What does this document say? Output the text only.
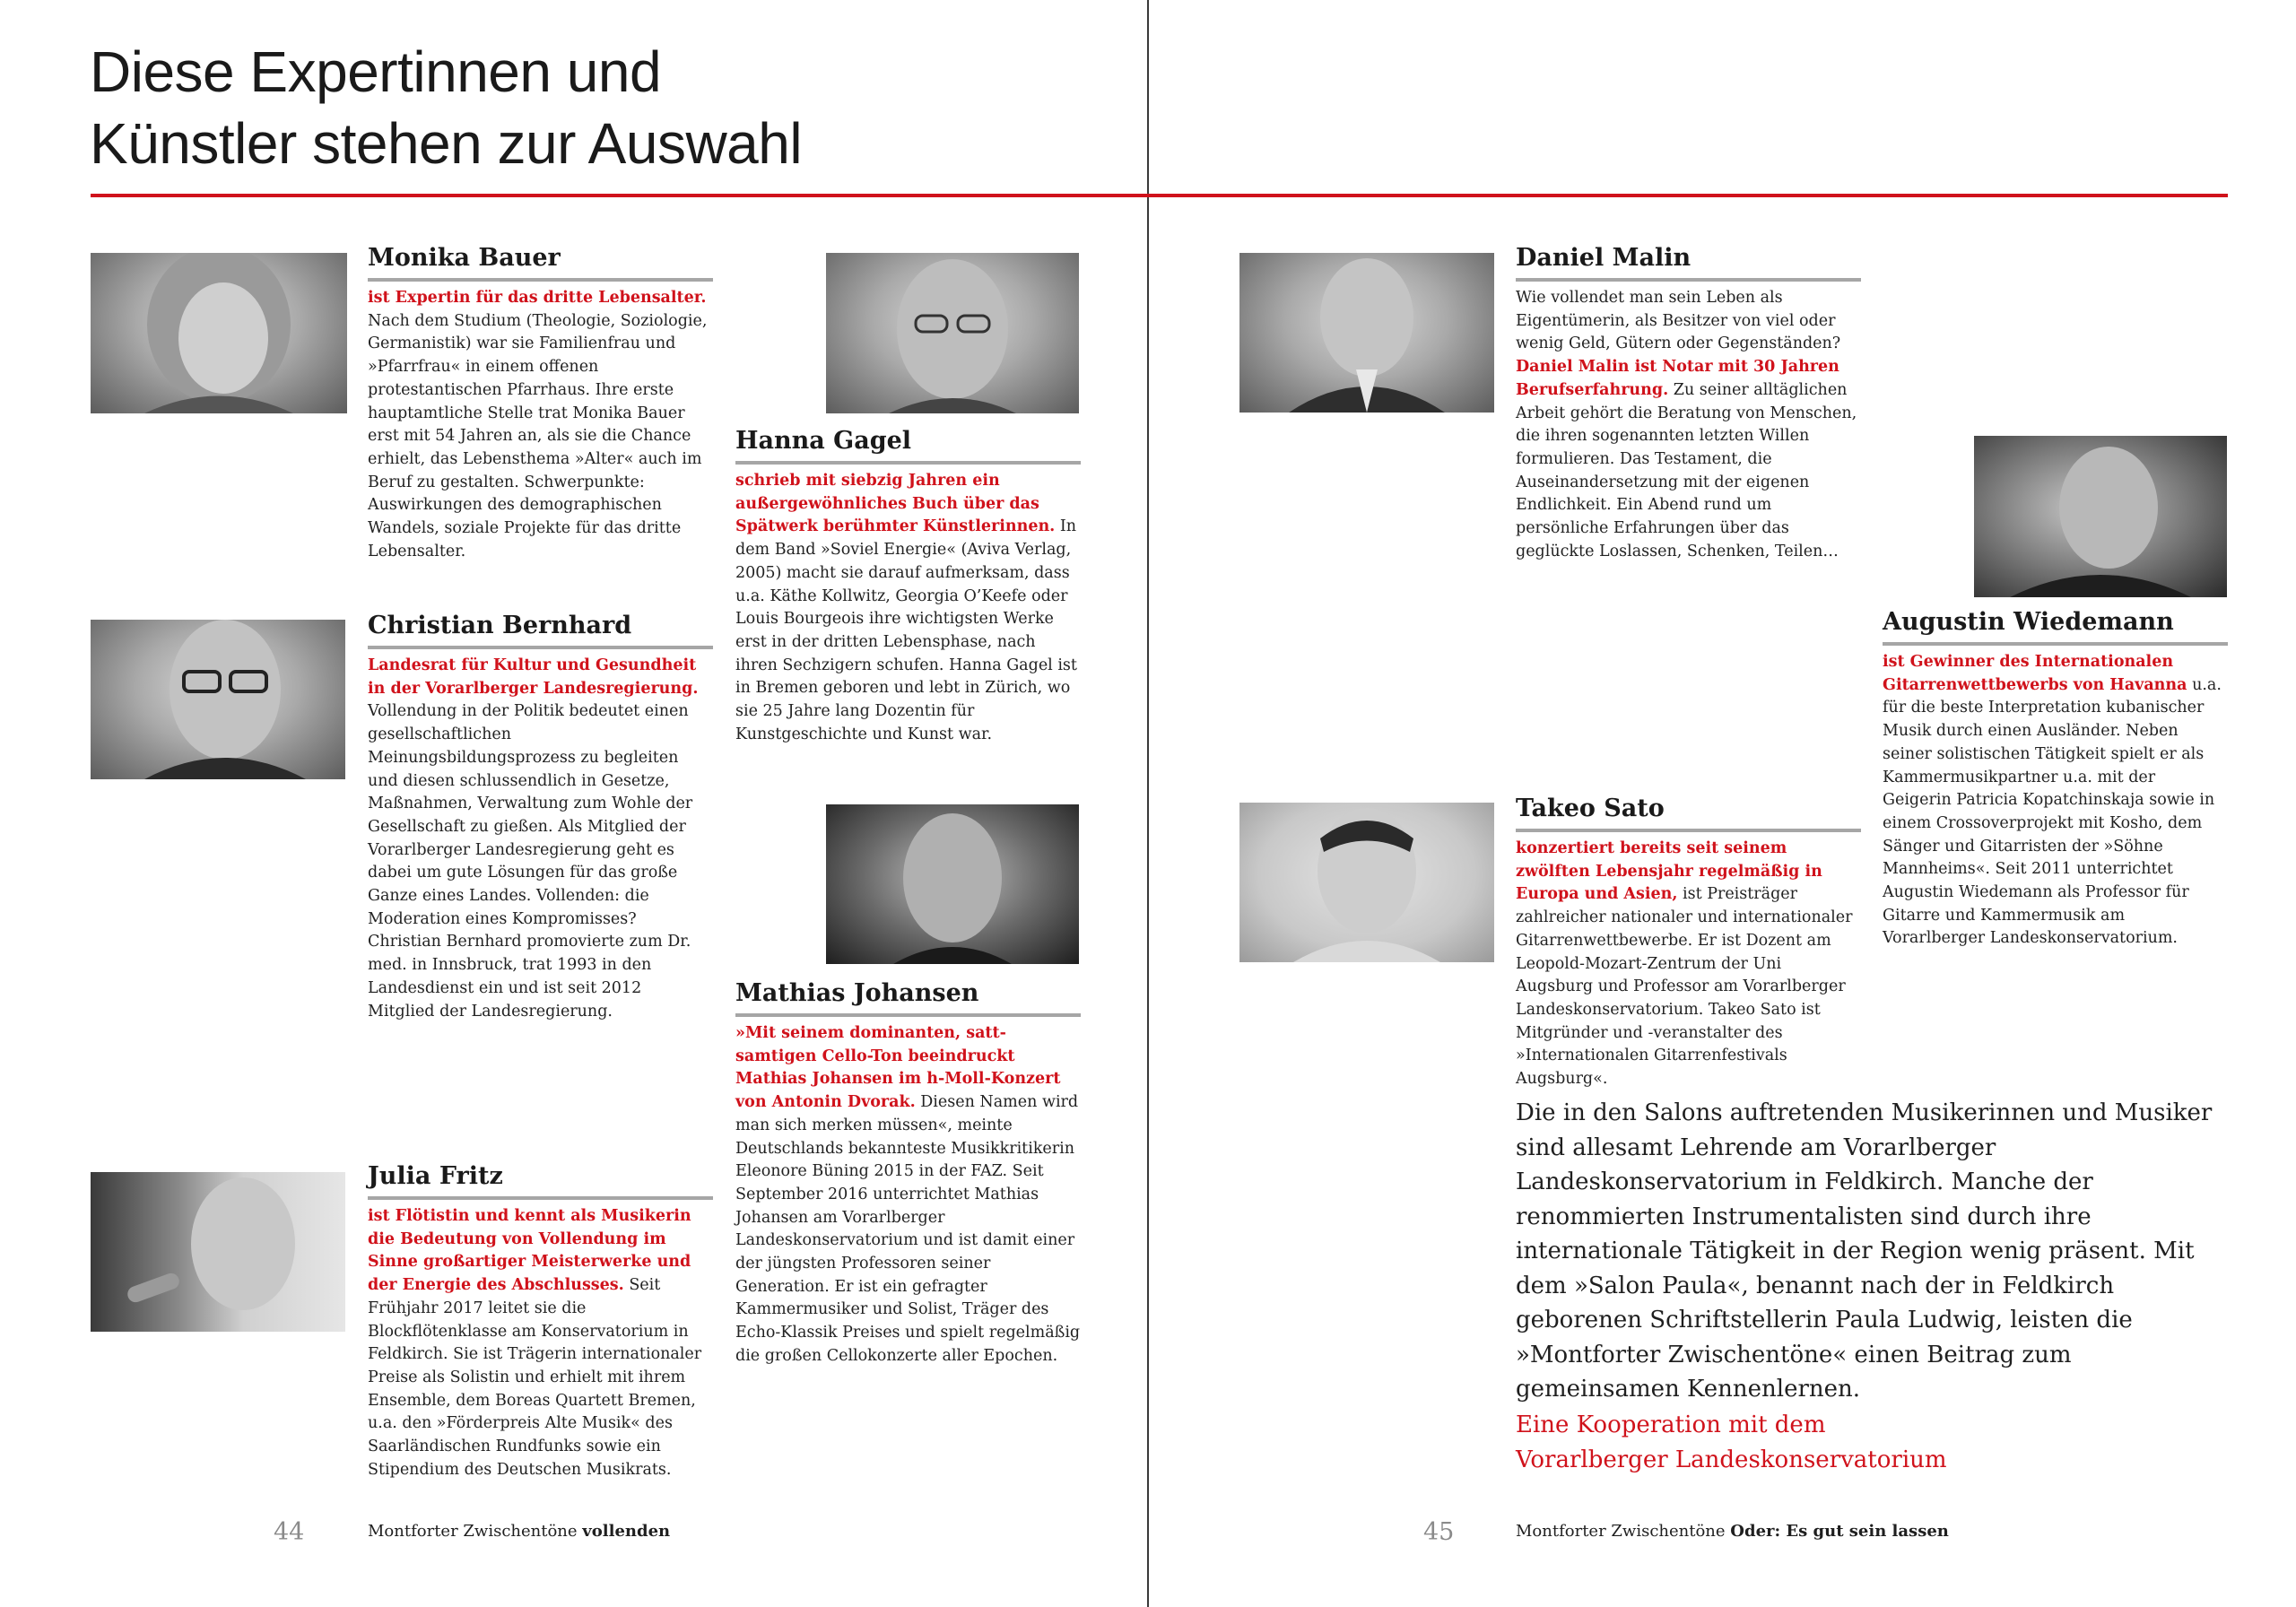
Diese Expertinnen und
Künstler stehen zur Auswahl
Monika Bauer

ist Expertin für das dritte Lebensalter. Nach dem Studium (Theologie, Soziologie, Germanistik) war sie Familienfrau und »Pfarrfrau« in einem offenen protestantischen Pfarrhaus. Ihre erste hauptamtliche Stelle trat Monika Bauer erst mit 54 Jahren an, als sie die Chance erhielt, das Lebensthema »Alter« auch im Beruf zu gestalten. Schwerpunkte: Auswirkungen des demographischen Wandels, soziale Projekte für das dritte Lebensalter.

Hanna Gagel

schrieb mit siebzig Jahren ein außergewöhnliches Buch über das Spätwerk berühmter Künstlerinnen. In dem Band »Soviel Energie« (Aviva Verlag, 2005) macht sie darauf aufmerksam, dass u.a. Käthe Kollwitz, Georgia O’Keefe oder Louis Bourgeois ihre wichtigsten Werke erst in der dritten Lebensphase, nach ihren Sechzigern schufen. Hanna Gagel ist in Bremen geboren und lebt in Zürich, wo sie 25 Jahre lang Dozentin für Kunstgeschichte und Kunst war.

Christian Bernhard

Landesrat für Kultur und Gesundheit in der Vorarlberger Landesregierung. Vollendung in der Politik bedeutet einen gesellschaftlichen Meinungsbildungsprozess zu begleiten und diesen schlussendlich in Gesetze, Maßnahmen, Verwaltung zum Wohle der Gesellschaft zu gießen. Als Mitglied der Vorarlberger Landesregierung geht es dabei um gute Lösungen für das große Ganze eines Landes. Vollenden: die Moderation eines Kompromisses? Christian Bernhard promovierte zum Dr. med. in Innsbruck, trat 1993 in den Landesdienst ein und ist seit 2012 Mitglied der Landesregierung.

Mathias Johansen

»Mit seinem dominanten, satt-samtigen Cello-Ton beeindruckt Mathias Johansen im h-Moll-Konzert von Antonin Dvorak. Diesen Namen wird man sich merken müssen«, meinte Deutschlands bekannteste Musikkritikerin Eleonore Büning 2015 in der FAZ. Seit September 2016 unterrichtet Mathias Johansen am Vorarlberger Landeskonservatorium und ist damit einer der jüngsten Professoren seiner Generation. Er ist ein gefragter Kammermusiker und Solist, Träger des Echo-Klassik Preises und spielt regelmäßig die großen Cellokonzerte aller Epochen.

Julia Fritz

ist Flötistin und kennt als Musikerin die Bedeutung von Vollendung im Sinne großartiger Meisterwerke und der Energie des Abschlusses. Seit Frühjahr 2017 leitet sie die Blockflötenklasse am Konservatorium in Feldkirch. Sie ist Trägerin internationaler Preise als Solistin und erhielt mit ihrem Ensemble, dem Boreas Quartett Bremen, u.a. den »Förderpreis Alte Musik« des Saarländischen Rundfunks sowie ein Stipendium des Deutschen Musikrats.

Daniel Malin

Wie vollendet man sein Leben als Eigentümerin, als Besitzer von viel oder wenig Geld, Gütern oder Gegenständen? Daniel Malin ist Notar mit 30 Jahren Berufserfahrung. Zu seiner alltäglichen Arbeit gehört die Beratung von Menschen, die ihren sogenannten letzten Willen formulieren. Das Testament, die Auseinandersetzung mit der eigenen Endlichkeit. Ein Abend rund um persönliche Erfahrungen über das geglückte Loslassen, Schenken, Teilen…

Augustin Wiedemann

ist Gewinner des Internationalen Gitarrenwettbewerbs von Havanna u.a. für die beste Interpretation kubanischer Musik durch einen Ausländer. Neben seiner solistischen Tätigkeit spielt er als Kammermusikpartner u.a. mit der Geigerin Patricia Kopatchinskaja sowie in einem Crossoverprojekt mit Kosho, dem Sänger und Gitarristen der »Söhne Mannheims«. Seit 2011 unterrichtet Augustin Wiedemann als Professor für Gitarre und Kammermusik am Vorarlberger Landeskonservatorium.

Takeo Sato

konzertiert bereits seit seinem zwölften Lebensjahr regelmäßig in Europa und Asien, ist Preisträger zahlreicher nationaler und internationaler Gitarrenwettbewerbe. Er ist Dozent am Leopold-Mozart-Zentrum der Uni Augsburg und Professor am Vorarlberger Landeskonservatorium. Takeo Sato ist Mitgründer und -veranstalter des »Internationalen Gitarrenfestivals Augsburg«.

Die in den Salons auftretenden Musikerinnen und Musiker sind allesamt Lehrende am Vorarlberger Landeskonservatorium in Feldkirch. Manche der renommierten Instrumentalisten sind durch ihre internationale Tätigkeit in der Region wenig präsent. Mit dem »Salon Paula«, benannt nach der in Feldkirch geborenen Schriftstellerin Paula Ludwig, leisten die »Montforter Zwischentöne« einen Beitrag zum gemeinsamen Kennenlernen.

Eine Kooperation mit dem
Vorarlberger Landeskonservatorium

44	Montforter Zwischentöne vollenden	45	Montforter Zwischentöne Oder: Es gut sein lassen
